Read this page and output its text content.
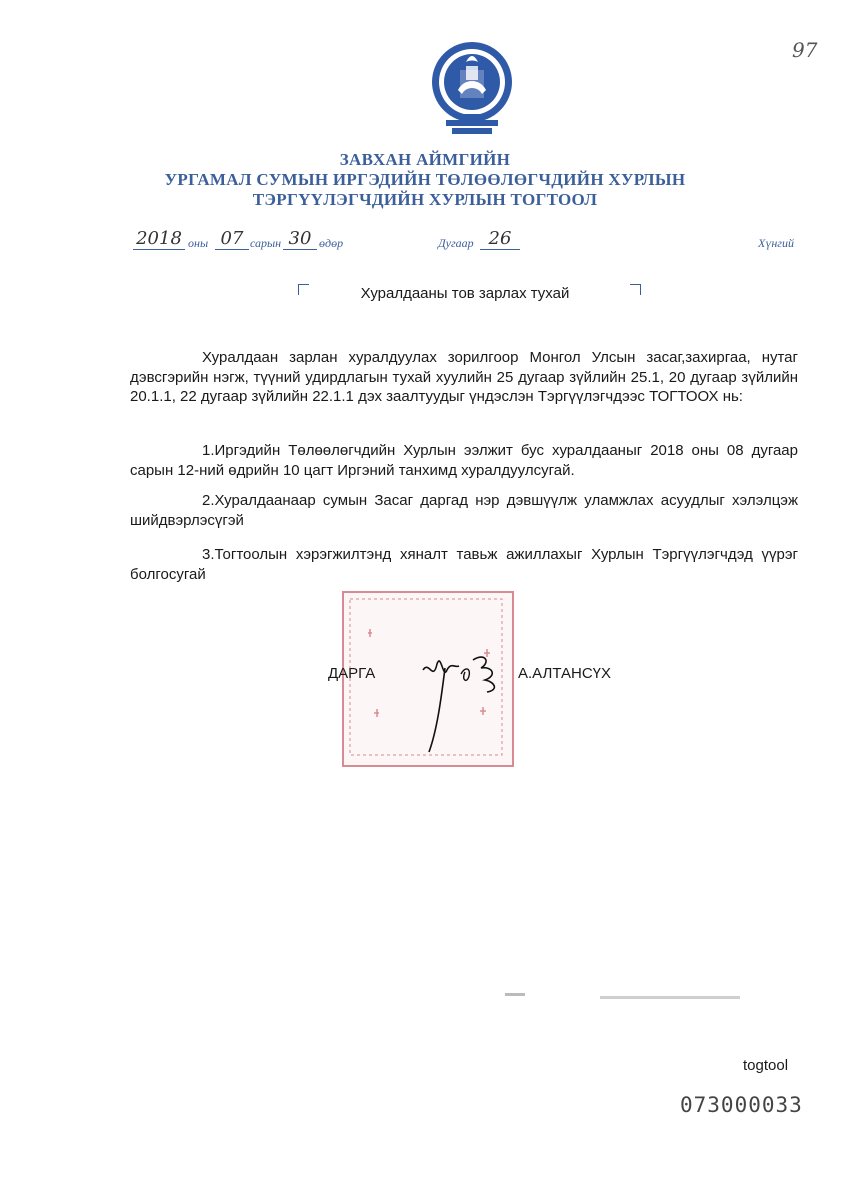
97
ЗАВХАН АЙМГИЙН
УРГАМАЛ СУМЫН ИРГЭДИЙН ТӨЛӨӨЛӨГЧДИЙН ХУРЛЫН
ТЭРГҮҮЛЭГЧДИЙН ХУРЛЫН ТОГТООЛ
2018 оны 07 сарын 30 өдөр	Дугаар 26	Хүнгий
Хуралдааны тов зарлах тухай
Хуралдаан зарлан хуралдуулах зорилгоор Монгол Улсын засаг,захиргаа, нутаг дэвсгэрийн нэгж, түүний удирдлагын тухай хуулийн 25 дугаар зүйлийн 25.1, 20 дугаар зүйлийн 20.1.1, 22 дугаар зүйлийн 22.1.1 дэх заалтуудыг үндэслэн Тэргүүлэгчдээс ТОГТООХ нь:
1.Иргэдийн Төлөөлөгчдийн Хурлын ээлжит бус хуралдааныг 2018 оны 08 дугаар сарын 12-ний өдрийн 10 цагт Иргэний танхимд хуралдуулсугай.
2.Хуралдаанаар сумын Засаг даргад нэр дэвшүүлж уламжлах асуудлыг хэлэлцэж шийдвэрлэсүгэй
3.Тогтоолын хэрэгжилтэнд хяналт тавьж ажиллахыг Хурлын Тэргүүлэгчдэд үүрэг болгосугай
ДАРГА	А.АЛТАНСҮХ
togtool
073000033
